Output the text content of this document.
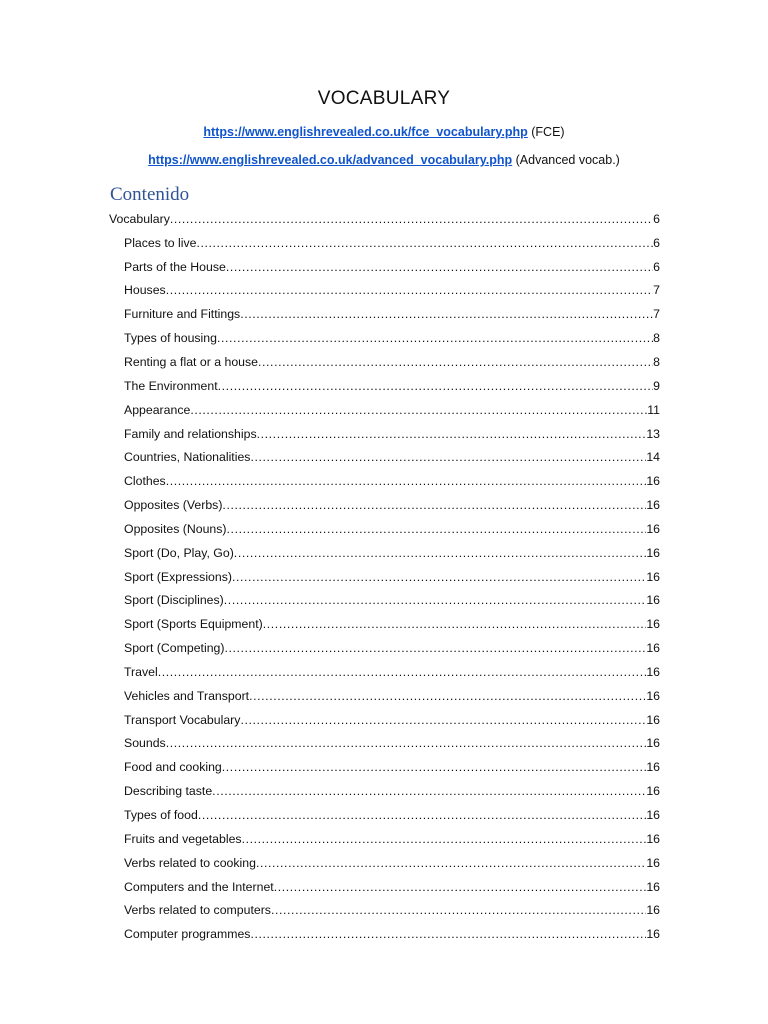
VOCABULARY
https://www.englishrevealed.co.uk/fce_vocabulary.php (FCE)
https://www.englishrevealed.co.uk/advanced_vocabulary.php (Advanced vocab.)
Contenido
Vocabulary .....	6
Places to live .....	6
Parts of the House .....	6
Houses .....	7
Furniture and Fittings .....	7
Types of housing .....	8
Renting a flat or a house .....	8
The Environment .....	9
Appearance .....	11
Family and relationships .....	13
Countries, Nationalities .....	14
Clothes .....	16
Opposites (Verbs) .....	16
Opposites (Nouns) .....	16
Sport (Do, Play, Go) .....	16
Sport (Expressions) .....	16
Sport (Disciplines) .....	16
Sport (Sports Equipment) .....	16
Sport (Competing) .....	16
Travel .....	16
Vehicles and Transport .....	16
Transport Vocabulary .....	16
Sounds .....	16
Food and cooking .....	16
Describing taste .....	16
Types of food .....	16
Fruits and vegetables .....	16
Verbs related to cooking .....	16
Computers and the Internet .....	16
Verbs related to computers .....	16
Computer programmes .....	16
